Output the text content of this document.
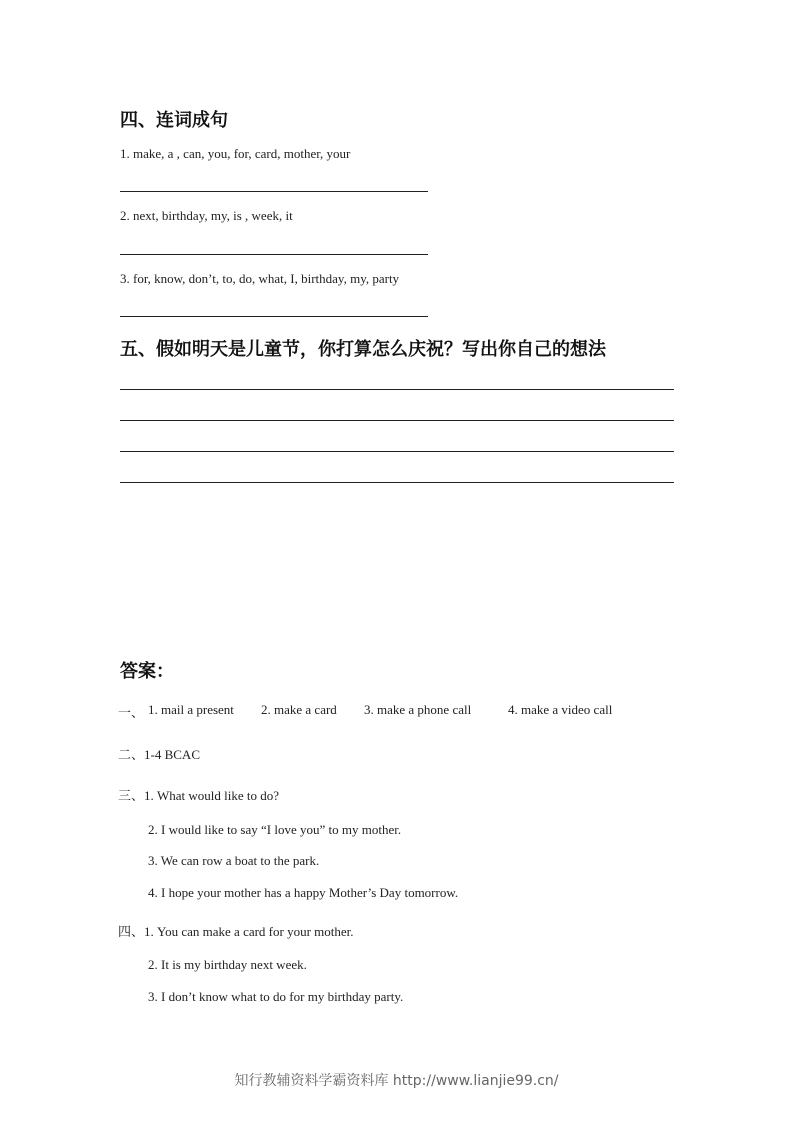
四、连词成句
1. make, a , can, you, for, card, mother, your
2. next, birthday, my, is , week, it
3. for, know, don’t, to, do, what, I, birthday, my, party
五、假如明天是儿童节，你打算怎么庆祝？写出你自己的想法
答案：
一、 1. mail a present 2. make a card 3. make a phone call	4. make a video call
二、1-4 BCAC
三、1. What would like to do?
2. I would like to say “I love you” to my mother.
3. We can row a boat to the park.
4. I hope your mother has a happy Mother’s Day tomorrow.
四、1. You can make a card for your mother.
2. It is my birthday next week.
3. I don’t know what to do for my birthday party.
知行教辅资料学霸资料库 http://www.lianjie99.cn/
